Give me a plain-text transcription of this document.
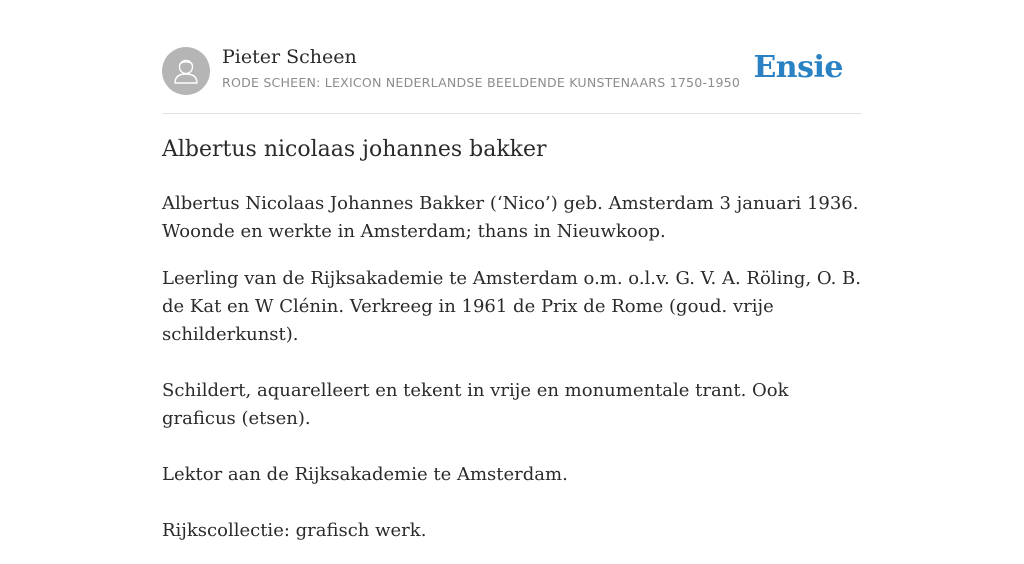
Pieter Scheen
RODE SCHEEN: LEXICON NEDERLANDSE BEELDENDE KUNSTENAARS 1750-1950 Ensie
Albertus nicolaas johannes bakker

Albertus Nicolaas Johannes Bakker (‘Nico’) geb. Amsterdam 3 januari 1936. Woonde en werkte in Amsterdam; thans in Nieuwkoop.

Leerling van de Rijksakademie te Amsterdam o.m. o.l.v. G. V. A. Röling, O. B. de Kat en W Clénin. Verkreeg in 1961 de Prix de Rome (goud. vrije schilderkunst).

Schildert, aquarelleert en tekent in vrije en monumentale trant. Ook graficus (etsen).

Lektor aan de Rijksakademie te Amsterdam.

Rijkscollectie: grafisch werk.
